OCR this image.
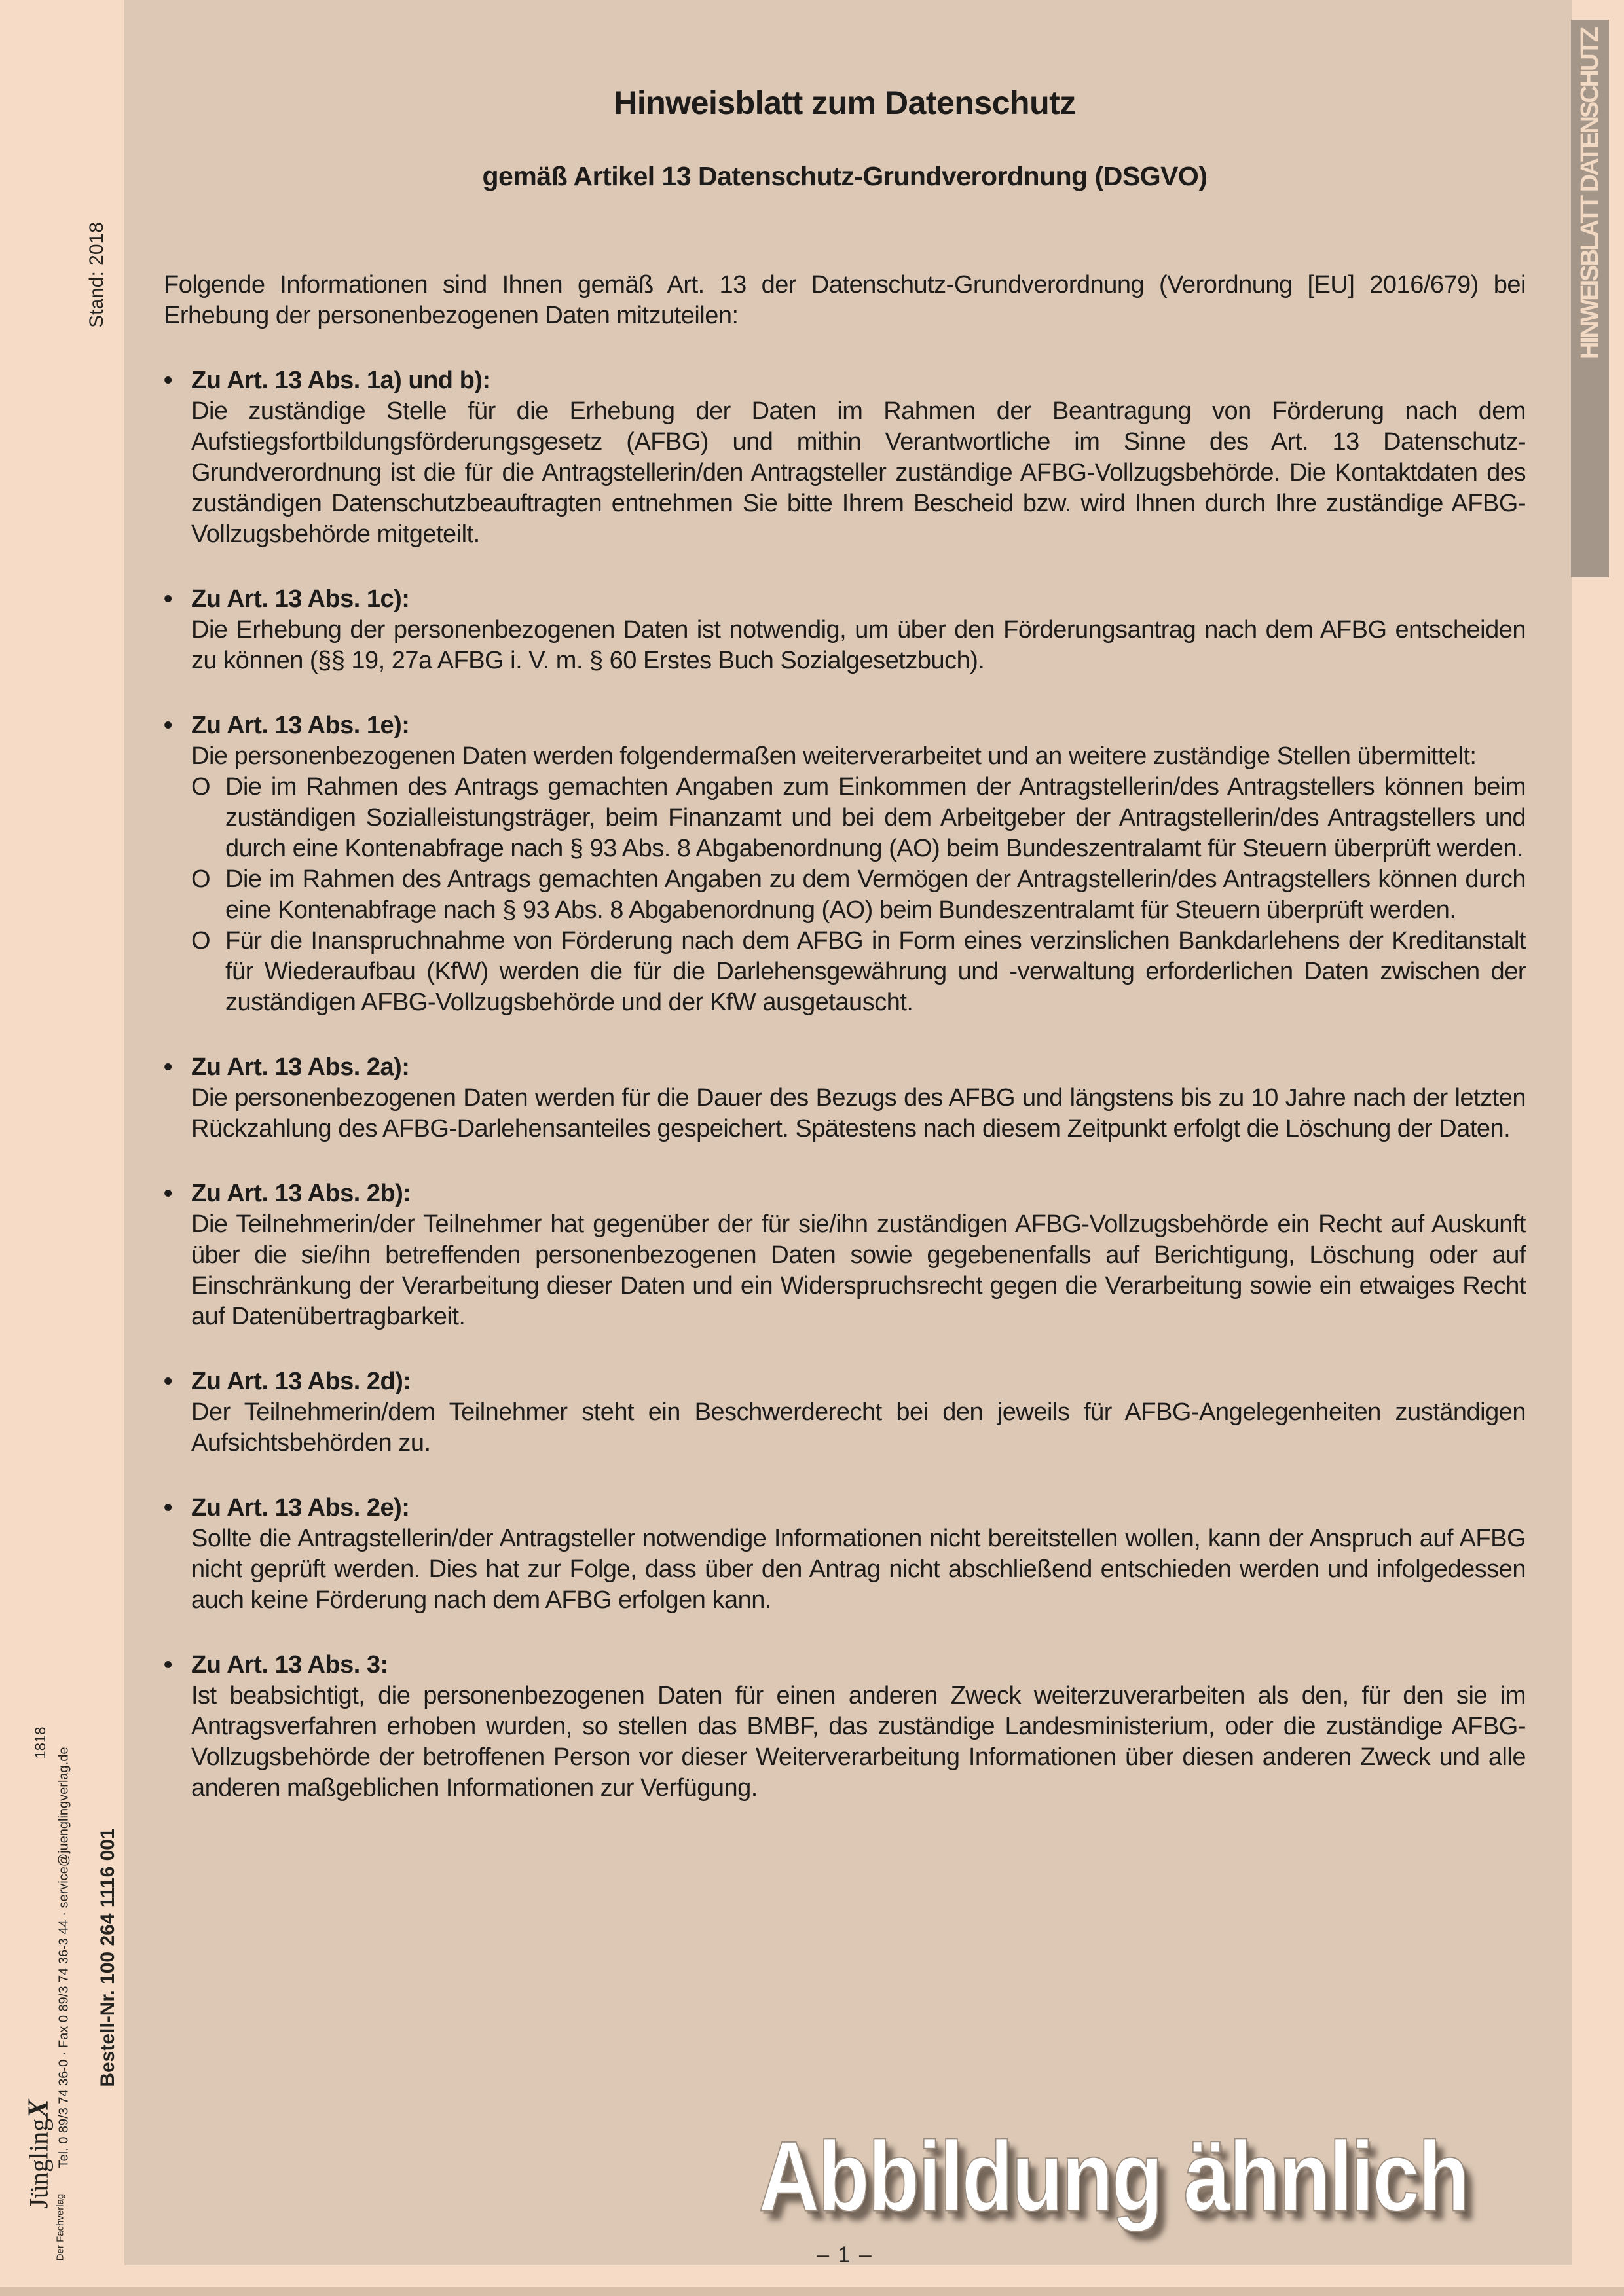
HINWEISBLATT DATENSCHUTZ
Stand: 2018
1818
Tel. 0 89/3 74 36-0 · Fax 0 89/3 74 36-3 44 · service@juenglingverlag.de Bestell-Nr. 100 264 1116 001
JünglingX
Der Fachverlag
Hinweisblatt zum Datenschutz
gemäß Artikel 13 Datenschutz-Grundverordnung (DSGVO)

Folgende Informationen sind Ihnen gemäß Art. 13 der Datenschutz-Grundverordnung (Verordnung [EU] 2016/679) bei Erhebung der personenbezogenen Daten mitzuteilen:

• Zu Art. 13 Abs. 1a) und b):

Die zuständige Stelle für die Erhebung der Daten im Rahmen der Beantragung von Förderung nach dem Aufstiegsfortbildungsförderungsgesetz (AFBG) und mithin Verantwortliche im Sinne des Art. 13 Datenschutz-Grundverordnung ist die für die Antragstellerin/den Antragsteller zuständige AFBG-Vollzugsbehörde. Die Kontaktdaten des zuständigen Datenschutzbeauftragten entnehmen Sie bitte Ihrem Bescheid bzw. wird Ihnen durch Ihre zuständige AFBG-Vollzugsbehörde mitgeteilt.

• Zu Art. 13 Abs. 1c):

Die Erhebung der personenbezogenen Daten ist notwendig, um über den Förderungsantrag nach dem AFBG entscheiden zu können (§§ 19, 27a AFBG i. V. m. § 60 Erstes Buch Sozialgesetzbuch).

• Zu Art. 13 Abs. 1e):

Die personenbezogenen Daten werden folgendermaßen weiterverarbeitet und an weitere zuständige Stellen übermittelt:

O Die im Rahmen des Antrags gemachten Angaben zum Einkommen der Antragstellerin/des Antragstellers können beim zuständigen Sozialleistungsträger, beim Finanzamt und bei dem Arbeitgeber der Antragstellerin/des Antragstellers und durch eine Kontenabfrage nach § 93 Abs. 8 Abgabenordnung (AO) beim Bundeszentralamt für Steuern überprüft werden.
O Die im Rahmen des Antrags gemachten Angaben zu dem Vermögen der Antragstellerin/des Antragstellers können durch eine Kontenabfrage nach § 93 Abs. 8 Abgabenordnung (AO) beim Bundeszentralamt für Steuern überprüft werden.
O Für die Inanspruchnahme von Förderung nach dem AFBG in Form eines verzinslichen Bankdarlehens der Kreditanstalt für Wiederaufbau (KfW) werden die für die Darlehensgewährung und -verwaltung erforderlichen Daten zwischen der zuständigen AFBG-Vollzugsbehörde und der KfW ausgetauscht.
• Zu Art. 13 Abs. 2a):

Die personenbezogenen Daten werden für die Dauer des Bezugs des AFBG und längstens bis zu 10 Jahre nach der letzten Rückzahlung des AFBG-Darlehensanteiles gespeichert. Spätestens nach diesem Zeitpunkt erfolgt die Löschung der Daten.

• Zu Art. 13 Abs. 2b):

Die Teilnehmerin/der Teilnehmer hat gegenüber der für sie/ihn zuständigen AFBG-Vollzugsbehörde ein Recht auf Auskunft über die sie/ihn betreffenden personenbezogenen Daten sowie gegebenenfalls auf Berichtigung, Löschung oder auf Einschränkung der Verarbeitung dieser Daten und ein Widerspruchsrecht gegen die Verarbeitung sowie ein etwaiges Recht auf Datenübertragbarkeit.

• Zu Art. 13 Abs. 2d):

Der Teilnehmerin/dem Teilnehmer steht ein Beschwerderecht bei den jeweils für AFBG-Angelegenheiten zuständigen Aufsichtsbehörden zu.

• Zu Art. 13 Abs. 2e):

Sollte die Antragstellerin/der Antragsteller notwendige Informationen nicht bereitstellen wollen, kann der Anspruch auf AFBG nicht geprüft werden. Dies hat zur Folge, dass über den Antrag nicht abschließend entschieden werden und infolgedessen auch keine Förderung nach dem AFBG erfolgen kann.

• Zu Art. 13 Abs. 3:

Ist beabsichtigt, die personenbezogenen Daten für einen anderen Zweck weiterzuverarbeiten als den, für den sie im Antragsverfahren erhoben wurden, so stellen das BMBF, das zuständige Landesministerium, oder die zuständige AFBG-Vollzugsbehörde der betroffenen Person vor dieser Weiterverarbeitung Informationen über diesen anderen Zweck und alle anderen maßgeblichen Informationen zur Verfügung.

Abbildung ähnlich
– 1 –
